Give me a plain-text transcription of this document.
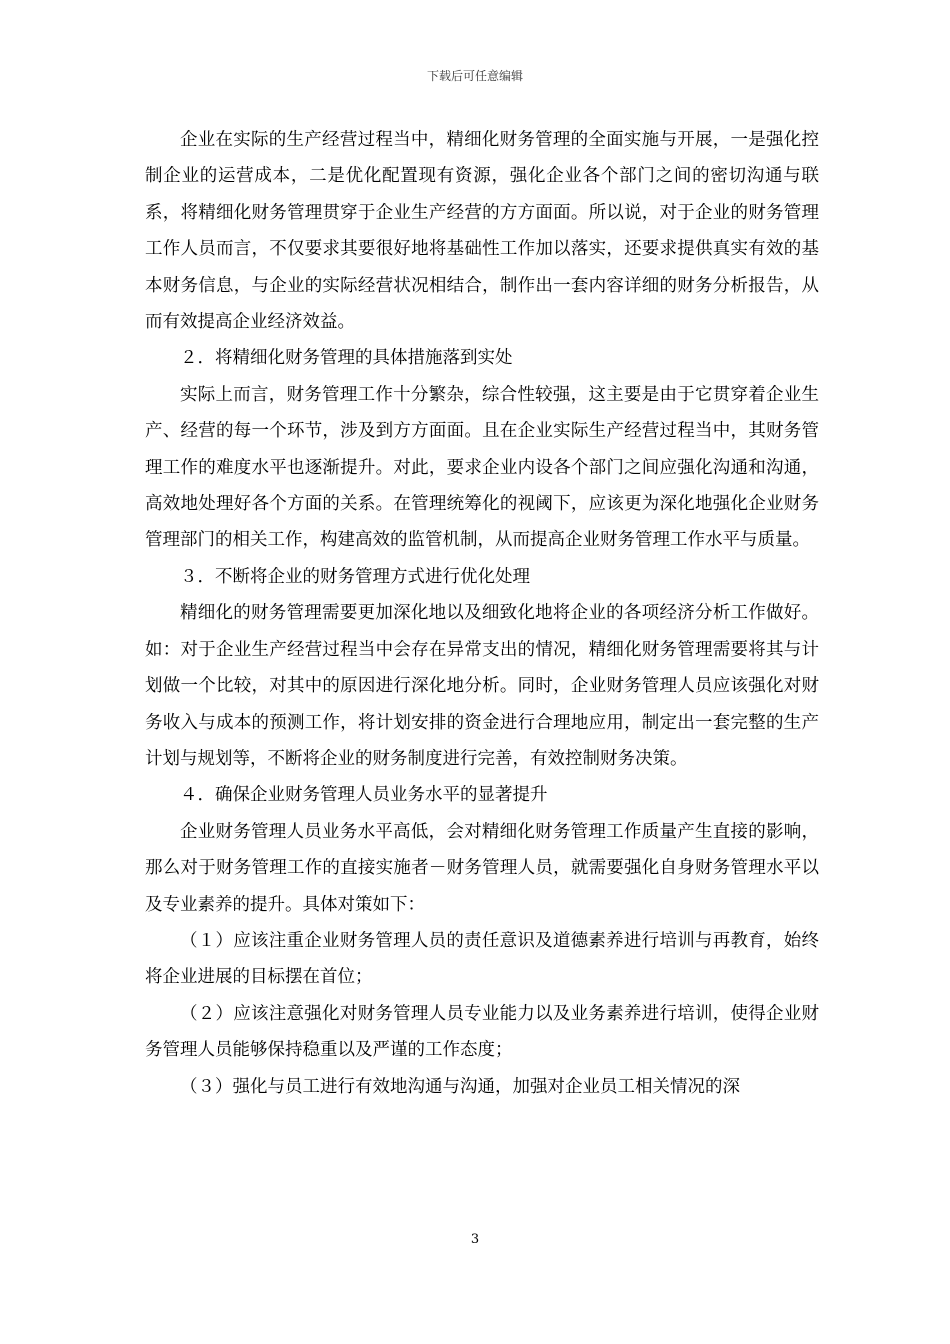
下载后可任意编辑

企业在实际的生产经营过程当中，精细化财务管理的全面实施与开展，一是强化控制企业的运营成本，二是优化配置现有资源，强化企业各个部门之间的密切沟通与联系，将精细化财务管理贯穿于企业生产经营的方方面面。所以说，对于企业的财务管理工作人员而言，不仅要求其要很好地将基础性工作加以落实，还要求提供真实有效的基本财务信息，与企业的实际经营状况相结合，制作出一套内容详细的财务分析报告，从而有效提高企业经济效益。

２．将精细化财务管理的具体措施落到实处

实际上而言，财务管理工作十分繁杂，综合性较强，这主要是由于它贯穿着企业生产、经营的每一个环节，涉及到方方面面。且在企业实际生产经营过程当中，其财务管理工作的难度水平也逐渐提升。对此，要求企业内设各个部门之间应强化沟通和沟通，高效地处理好各个方面的关系。在管理统筹化的视阈下，应该更为深化地强化企业财务管理部门的相关工作，构建高效的监管机制，从而提高企业财务管理工作水平与质量。

３．不断将企业的财务管理方式进行优化处理

精细化的财务管理需要更加深化地以及细致化地将企业的各项经济分析工作做好。如：对于企业生产经营过程当中会存在异常支出的情况，精细化财务管理需要将其与计划做一个比较，对其中的原因进行深化地分析。同时，企业财务管理人员应该强化对财务收入与成本的预测工作，将计划安排的资金进行合理地应用，制定出一套完整的生产计划与规划等，不断将企业的财务制度进行完善，有效控制财务决策。

４．确保企业财务管理人员业务水平的显著提升

企业财务管理人员业务水平高低，会对精细化财务管理工作质量产生直接的影响，那么对于财务管理工作的直接实施者－财务管理人员，就需要强化自身财务管理水平以及专业素养的提升。具体对策如下：

（１）应该注重企业财务管理人员的责任意识及道德素养进行培训与再教育，始终将企业进展的目标摆在首位；

（２）应该注意强化对财务管理人员专业能力以及业务素养进行培训，使得企业财务管理人员能够保持稳重以及严谨的工作态度；

（３）强化与员工进行有效地沟通与沟通，加强对企业员工相关情况的深

3
